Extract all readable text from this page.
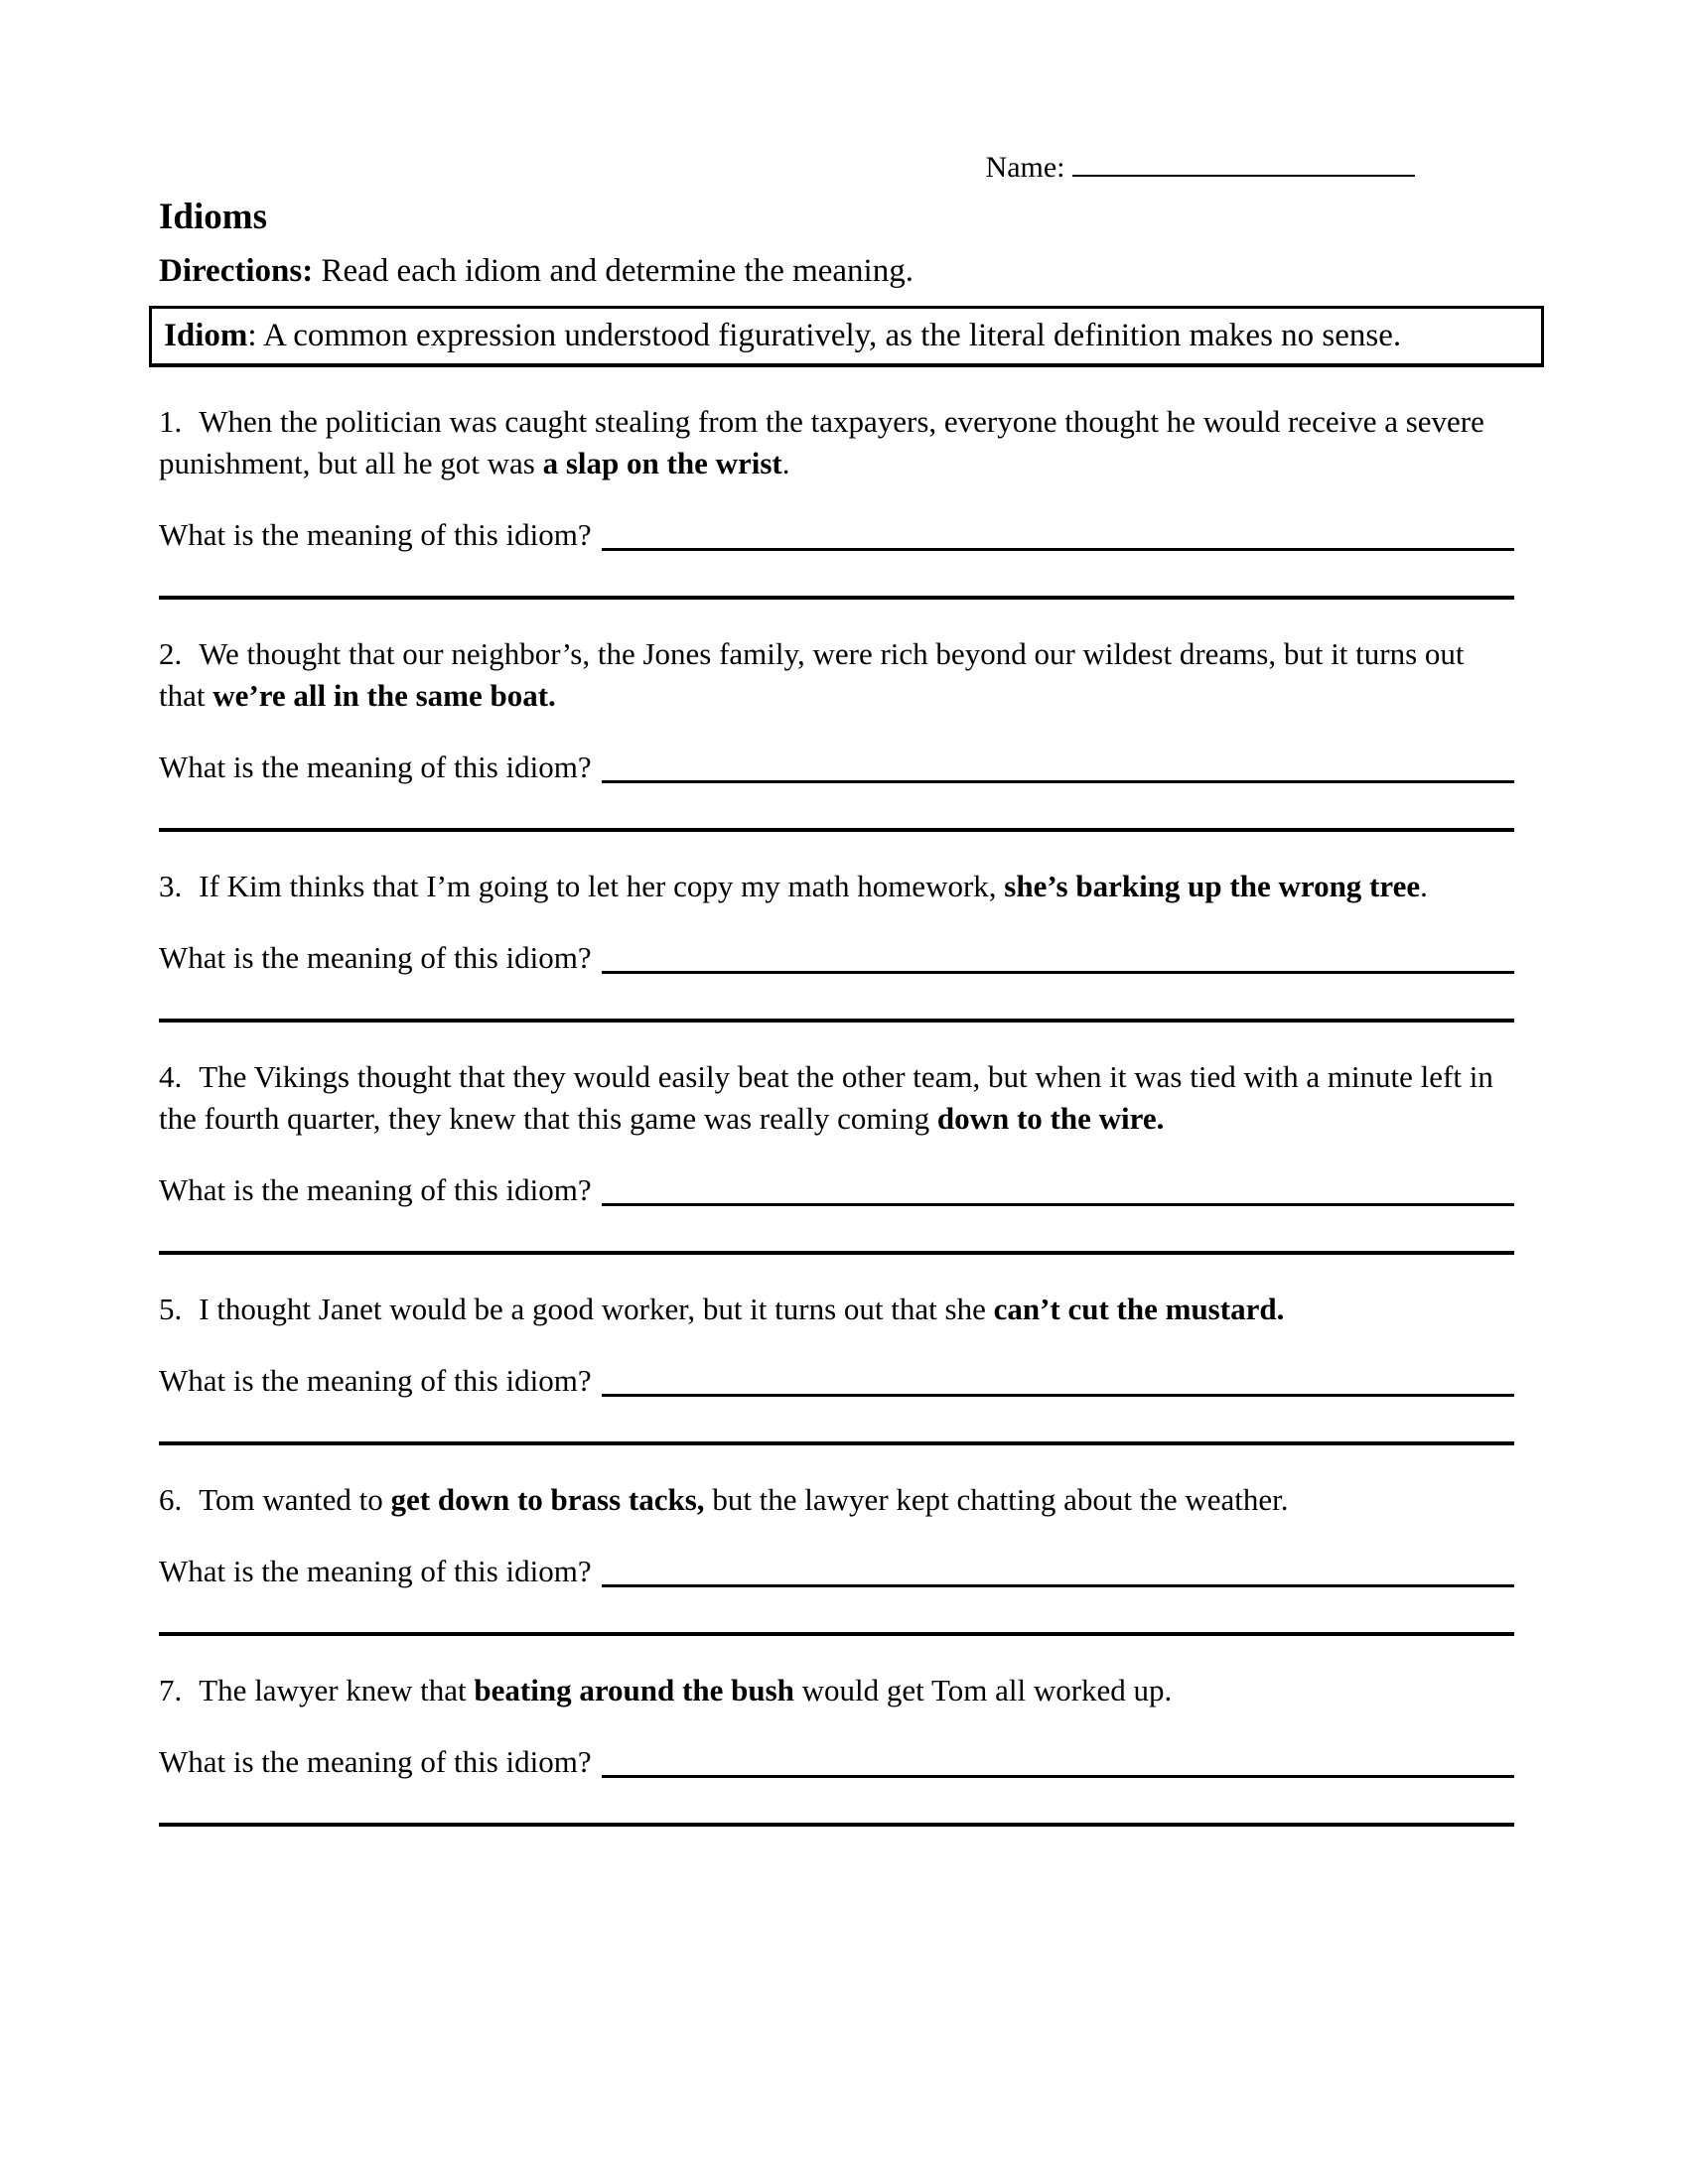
Name:
Idioms

Directions: Read each idiom and determine the meaning.

Idiom: A common expression understood figuratively, as the literal definition makes no sense.

1. When the politician was caught stealing from the taxpayers, everyone thought he would receive a severe punishment, but all he got was a slap on the wrist.

What is the meaning of this idiom?

2. We thought that our neighbor’s, the Jones family, were rich beyond our wildest dreams, but it turns out that we’re all in the same boat.

What is the meaning of this idiom?

3. If Kim thinks that I’m going to let her copy my math homework, she’s barking up the wrong tree.

What is the meaning of this idiom?

4. The Vikings thought that they would easily beat the other team, but when it was tied with a minute left in the fourth quarter, they knew that this game was really coming down to the wire.

What is the meaning of this idiom?

5. I thought Janet would be a good worker, but it turns out that she can’t cut the mustard.

What is the meaning of this idiom?

6. Tom wanted to get down to brass tacks, but the lawyer kept chatting about the weather.

What is the meaning of this idiom?

7. The lawyer knew that beating around the bush would get Tom all worked up.

What is the meaning of this idiom?
